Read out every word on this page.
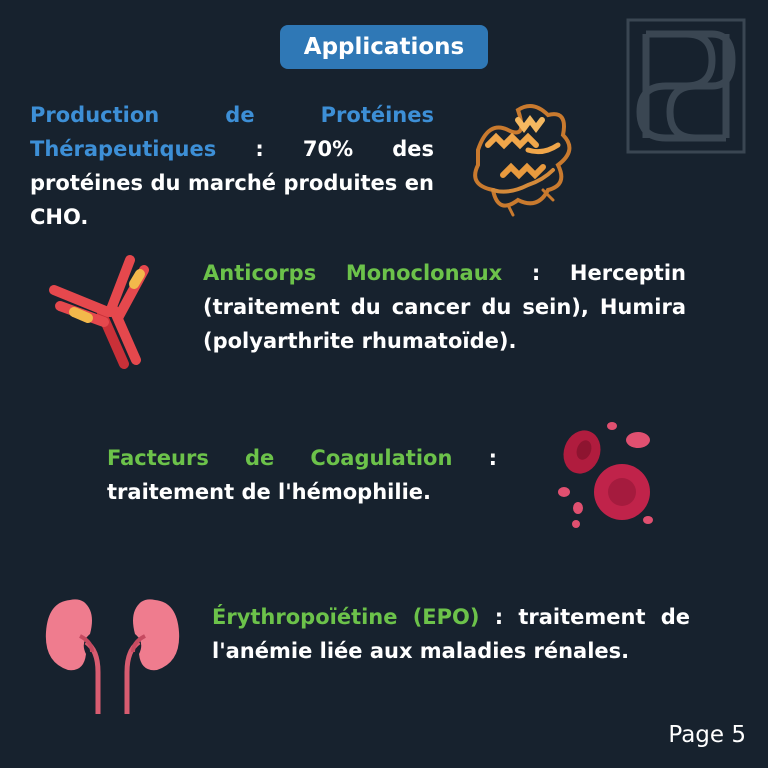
Applications
Production de Protéines Thérapeutiques : 70% des protéines du marché produites en CHO.
Anticorps Monoclonaux : Herceptin (traitement du cancer du sein), Humira (polyarthrite rhumatoïde).
Facteurs de Coagulation : traitement de l'hémophilie.
Érythropoïétine (EPO) : traitement de l'anémie liée aux maladies rénales.
Page 5
